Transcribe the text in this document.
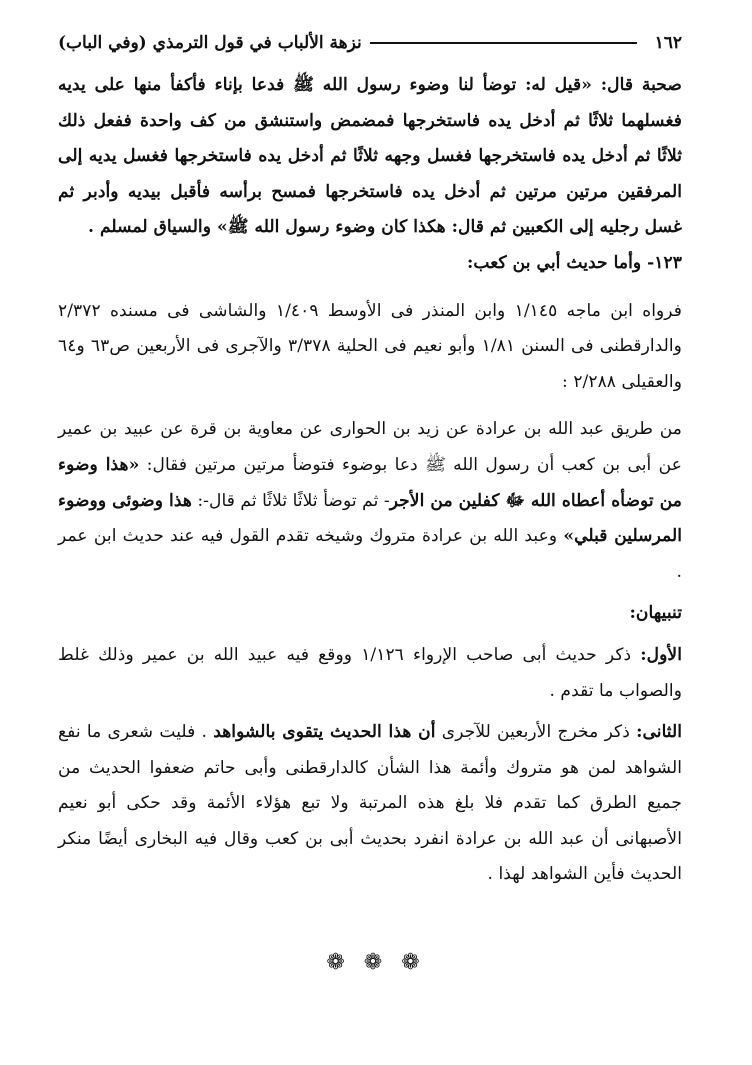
١٦٢
نزهة الألباب في قول الترمذي (وفي الباب)

صحبة قال: «قيل له: توضأ لنا وضوء رسول الله ﷺ فدعا بإناء فأكفأ منها على يديه فغسلهما ثلاثًا ثم أدخل يده فاستخرجها فمضمض واستنشق من كف واحدة ففعل ذلك ثلاثًا ثم أدخل يده فاستخرجها فغسل وجهه ثلاثًا ثم أدخل يده فاستخرجها فغسل يديه إلى المرفقين مرتين مرتين ثم أدخل يده فاستخرجها فمسح برأسه فأقبل بيديه وأدبر ثم غسل رجليه إلى الكعبين ثم قال: هكذا كان وضوء رسول الله ﷺ» والسياق لمسلم .

١٢٣- وأما حديث أبي بن كعب:

فرواه ابن ماجه ١/١٤٥ وابن المنذر فى الأوسط ١/٤٠٩ والشاشى فى مسنده ٢/٣٧٢ والدارقطنى فى السنن ١/٨١ وأبو نعيم فى الحلية ٣/٣٧٨ والآجرى فى الأربعين ص٦٣ و٦٤ والعقيلى ٢/٢٨٨ :

من طريق عبد الله بن عرادة عن زيد بن الحوارى عن معاوية بن قرة عن عبيد بن عمير عن أبى بن كعب أن رسول الله ﷺ دعا بوضوء فتوضأ مرتين مرتين فقال: «هذا وضوء من توضأه أعطاه الله ﷻ كفلين من الأجر- ثم توضأ ثلاثًا ثلاثًا ثم قال-: هذا وضوئى ووضوء المرسلين قبلي» وعبد الله بن عرادة متروك وشيخه تقدم القول فيه عند حديث ابن عمر .

تنبيهان:

الأول: ذكر حديث أبى صاحب الإرواء ١/١٢٦ ووقع فيه عبيد الله بن عمير وذلك غلط والصواب ما تقدم .

الثانى: ذكر مخرج الأربعين للآجرى أن هذا الحديث يتقوى بالشواهد . فليت شعرى ما نفع الشواهد لمن هو متروك وأئمة هذا الشأن كالدارقطنى وأبى حاتم ضعفوا الحديث من جميع الطرق كما تقدم فلا بلغ هذه المرتبة ولا تبع هؤلاء الأئمة وقد حكى أبو نعيم الأصبهانى أن عبد الله بن عرادة انفرد بحديث أبى بن كعب وقال فيه البخارى أيضًا منكر الحديث فأين الشواهد لهذا .

❁ ❁ ❁
